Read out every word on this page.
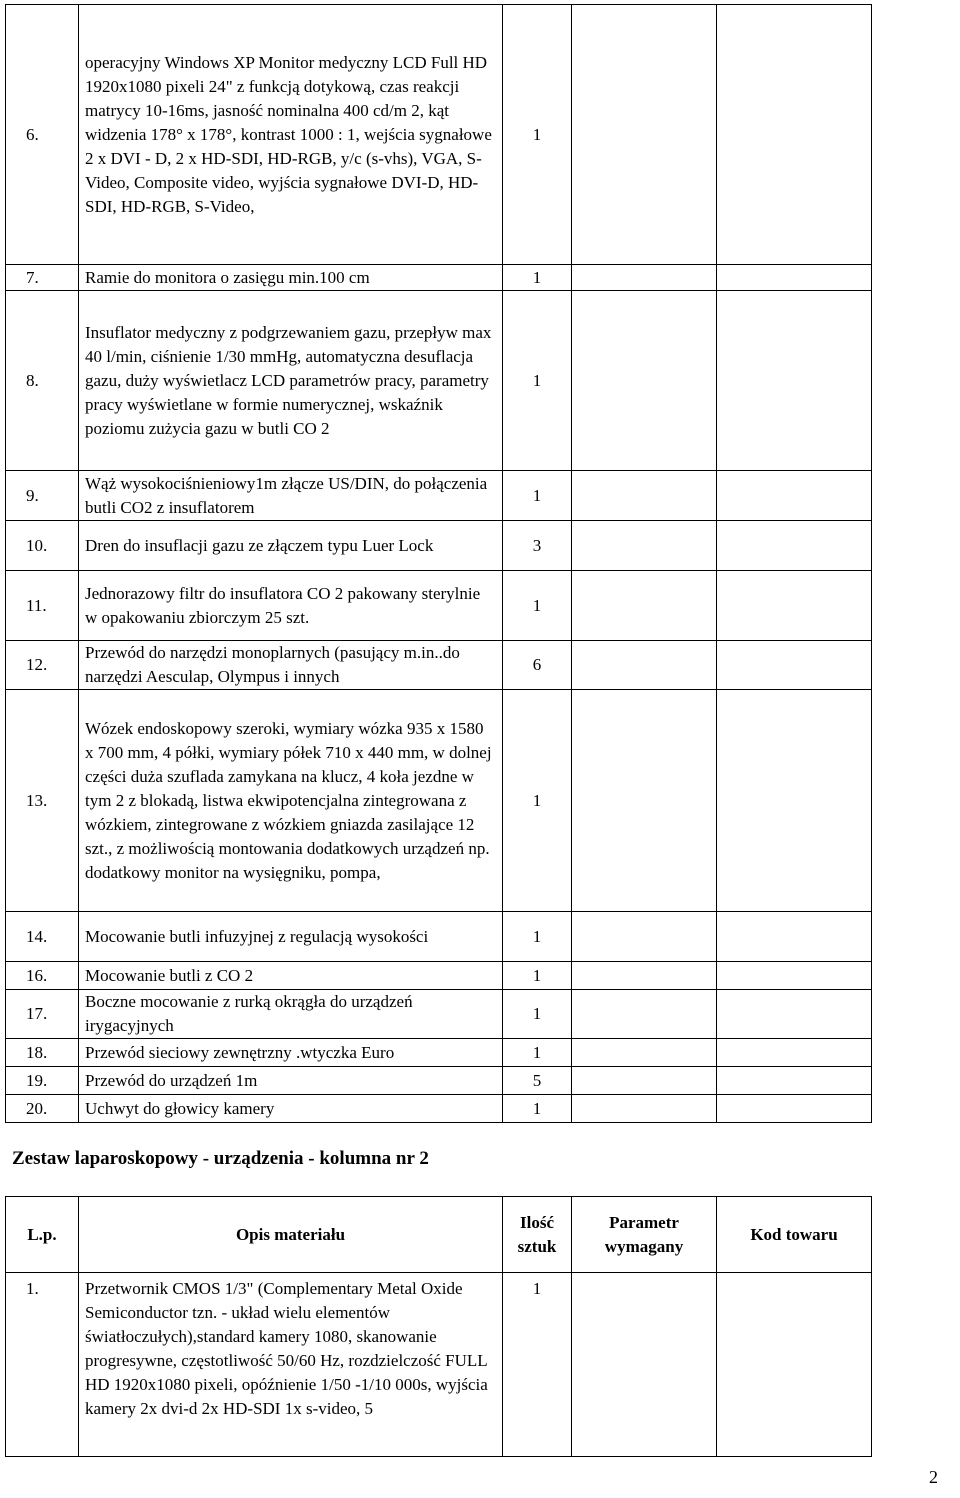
6.	operacyjny Windows XP Monitor medyczny LCD Full HD 1920x1080 pixeli 24" z funkcją dotykową, czas reakcji matrycy 10-16ms, jasność nominalna 400 cd/m 2, kąt widzenia 178° x 178°, kontrast 1000 : 1, wejścia sygnałowe 2 x DVI - D, 2 x HD-SDI, HD-RGB, y/c (s-vhs), VGA, S-Video, Composite video, wyjścia sygnałowe DVI-D, HD-SDI, HD-RGB, S-Video,	1		
7.	Ramie do monitora o zasięgu min.100 cm	1		
8.	Insuflator medyczny z podgrzewaniem gazu, przepływ max 40 l/min, ciśnienie 1/30 mmHg, automatyczna desuflacja gazu, duży wyświetlacz LCD parametrów pracy, parametry pracy wyświetlane w formie numerycznej, wskaźnik poziomu zużycia gazu w butli CO 2	1		
9.	Wąż wysokociśnieniowy1m złącze US/DIN, do połączenia butli CO2 z insuflatorem	1		
10.	Dren do insuflacji gazu ze złączem typu Luer Lock	3		
11.	Jednorazowy filtr do insuflatora CO 2 pakowany sterylnie w opakowaniu zbiorczym 25 szt.	1		
12.	Przewód do narzędzi monoplarnych (pasujący m.in..do narzędzi Aesculap, Olympus i innych	6		
13.	Wózek endoskopowy szeroki, wymiary wózka 935 x 1580 x 700 mm, 4 półki, wymiary półek 710 x 440 mm, w dolnej części duża szuflada zamykana na klucz, 4 koła jezdne w tym 2 z blokadą, listwa ekwipotencjalna zintegrowana z wózkiem, zintegrowane z wózkiem gniazda zasilające 12 szt., z możliwością montowania dodatkowych urządzeń np. dodatkowy monitor na wysięgniku, pompa,	1		
14.	Mocowanie butli infuzyjnej z regulacją wysokości	1		
16.	Mocowanie butli z CO 2	1		
17.	Boczne mocowanie z rurką okrągła do urządzeń irygacyjnych	1		
18.	Przewód sieciowy zewnętrzny .wtyczka Euro	1		
19.	Przewód do urządzeń 1m	5		
20.	Uchwyt do głowicy kamery	1		
Zestaw laparoskopowy - urządzenia - kolumna nr 2
L.p.	Opis materiału	Ilość sztuk	Parametr wymagany	Kod towaru
1.	Przetwornik CMOS 1/3" (Complementary Metal Oxide Semiconductor tzn. - układ wielu elementów światłoczułych),standard kamery 1080, skanowanie progresywne, częstotliwość 50/60 Hz, rozdzielczość FULL HD 1920x1080 pixeli, opóźnienie 1/50 -1/10 000s, wyjścia kamery 2x dvi-d 2x HD-SDI 1x s-video, 5	1		
2
